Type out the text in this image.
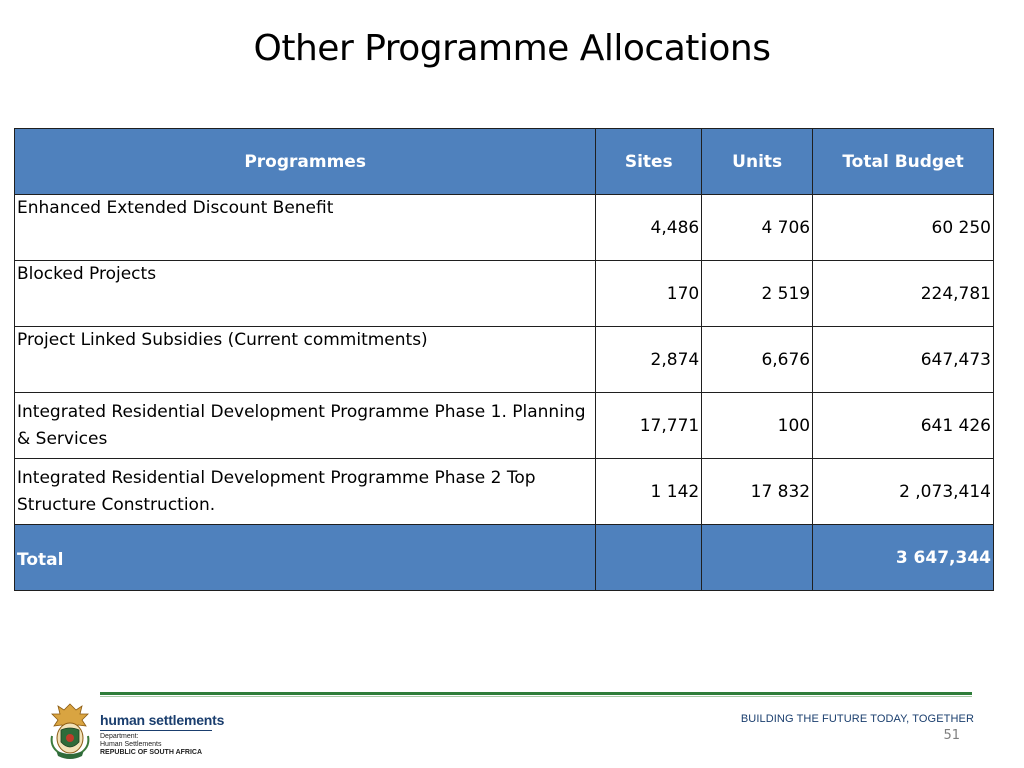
Other Programme Allocations
Programmes	Sites	Units	Total Budget
Enhanced Extended Discount Benefit	4,486	4 706	60 250
Blocked Projects	170	2 519	224,781
Project Linked Subsidies (Current commitments)	2,874	6,676	647,473
Integrated Residential Development Programme Phase 1. Planning & Services	17,771	100	641 426
Integrated Residential Development Programme Phase 2 Top Structure Construction.	1 142	17 832	2 ,073,414
Total			3 647,344
human settlements
Department:
Human Settlements
REPUBLIC OF SOUTH AFRICA
BUILDING THE FUTURE TODAY, TOGETHER
51
